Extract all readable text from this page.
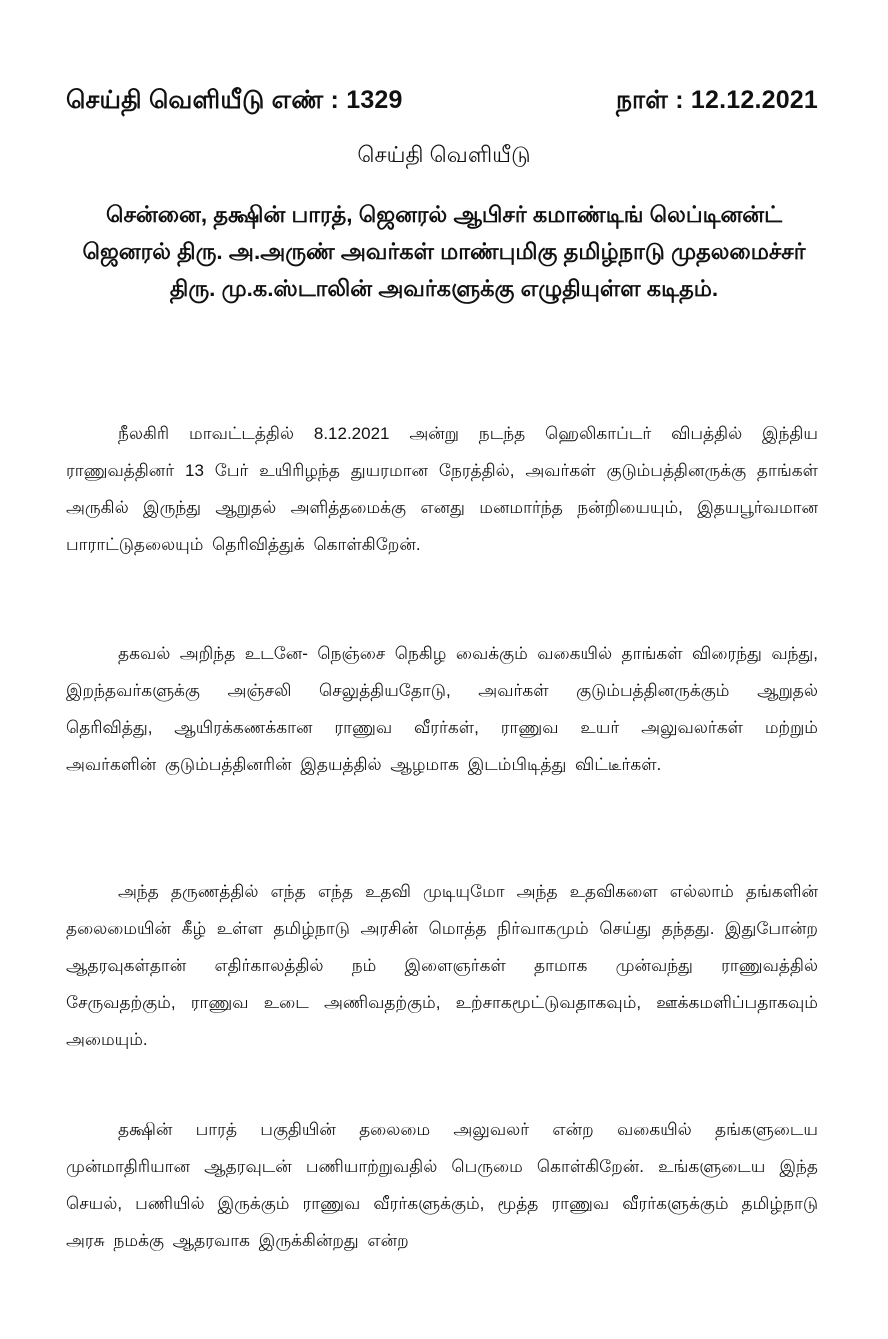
செய்தி வெளியீடு எண் : 1329	நாள் : 12.12.2021
செய்தி வெளியீடு
சென்னை, தக்ஷின் பாரத், ஜெனரல் ஆபிசர் கமாண்டிங் லெப்டினன்ட் ஜெனரல் திரு. அ.அருண் அவர்கள் மாண்புமிகு தமிழ்நாடு முதலமைச்சர் திரு. மு.க.ஸ்டாலின் அவர்களுக்கு எழுதியுள்ள கடிதம்.

நீலகிரி மாவட்டத்தில் 8.12.2021 அன்று நடந்த ஹெலிகாப்டர் விபத்தில் இந்திய ராணுவத்தினர் 13 பேர் உயிரிழந்த துயரமான நேரத்தில், அவர்கள் குடும்பத்தினருக்கு தாங்கள் அருகில் இருந்து ஆறுதல் அளித்தமைக்கு எனது மனமார்ந்த நன்றியையும், இதயபூர்வமான பாராட்டுதலையும் தெரிவித்துக் கொள்கிறேன்.

தகவல் அறிந்த உடனே- நெஞ்சை நெகிழ வைக்கும் வகையில் தாங்கள் விரைந்து வந்து, இறந்தவர்களுக்கு அஞ்சலி செலுத்தியதோடு, அவர்கள் குடும்பத்தினருக்கும் ஆறுதல் தெரிவித்து, ஆயிரக்கணக்கான ராணுவ வீரர்கள், ராணுவ உயர் அலுவலர்கள் மற்றும் அவர்களின் குடும்பத்தினரின் இதயத்தில் ஆழமாக இடம்பிடித்து விட்டீர்கள்.

அந்த தருணத்தில் எந்த எந்த உதவி முடியுமோ அந்த உதவிகளை எல்லாம் தங்களின் தலைமையின் கீழ் உள்ள தமிழ்நாடு அரசின் மொத்த நிர்வாகமும் செய்து தந்தது. இதுபோன்ற ஆதரவுகள்தான் எதிர்காலத்தில் நம் இளைஞர்கள் தாமாக முன்வந்து ராணுவத்தில் சேருவதற்கும், ராணுவ உடை அணிவதற்கும், உற்சாகமூட்டுவதாகவும், ஊக்கமளிப்பதாகவும் அமையும்.

தக்ஷின் பாரத் பகுதியின் தலைமை அலுவலர் என்ற வகையில் தங்களுடைய முன்மாதிரியான ஆதரவுடன் பணியாற்றுவதில் பெருமை கொள்கிறேன். உங்களுடைய இந்த செயல், பணியில் இருக்கும் ராணுவ வீரர்களுக்கும், மூத்த ராணுவ வீரர்களுக்கும் தமிழ்நாடு அரசு நமக்கு ஆதரவாக இருக்கின்றது என்ற
